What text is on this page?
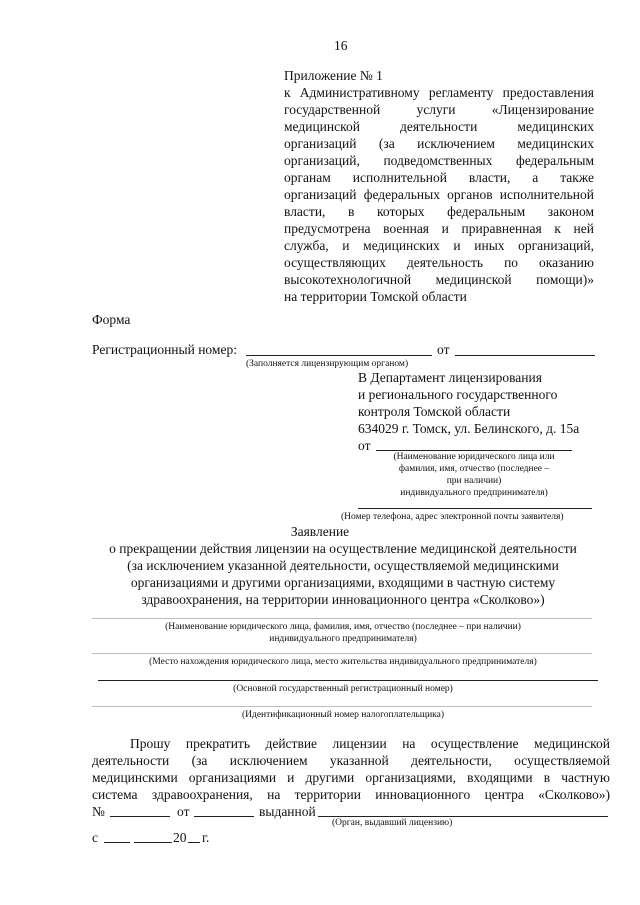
16
Приложение № 1
к Административному регламенту предоставления
государственной услуги «Лицензирование
медицинской деятельности медицинских
организаций (за исключением медицинских
организаций, подведомственных федеральным
органам исполнительной власти, а также
организаций федеральных органов исполнительной
власти, в которых федеральным законом
предусмотрена военная и приравненная к ней
служба, и медицинских и иных организаций,
осуществляющих деятельность по оказанию
высокотехнологичной медицинской помощи)»
на территории Томской области
Форма
Регистрационный номер:	от
(Заполняется лицензирующим органом)
В Департамент лицензирования
и регионального государственного
контроля Томской области
634029 г. Томск, ул. Белинского, д. 15а
от
(Наименование юридического лица или
фамилия, имя, отчество (последнее –
при наличии)
индивидуального предпринимателя)
(Номер телефона, адрес электронной почты заявителя)
Заявление
о прекращении действия лицензии на осуществление медицинской деятельности
(за исключением указанной деятельности, осуществляемой медицинскими
организациями и другими организациями, входящими в частную систему
здравоохранения, на территории инновационного центра «Сколково»)
(Наименование юридического лица, фамилия, имя, отчество (последнее – при наличии)
индивидуального предпринимателя)
(Место нахождения юридического лица, место жительства индивидуального предпринимателя)
(Основной государственный регистрационный номер)
(Идентификационный номер налогоплательщика)
Прошу прекратить действие лицензии на осуществление медицинской
деятельности (за исключением указанной деятельности, осуществляемой
медицинскими организациями и другими организациями, входящими в частную
система здравоохранения, на территории инновационного центра «Сколково»)
№	от	выданной
(Орган, выдавший лицензию)
с	20 г.
